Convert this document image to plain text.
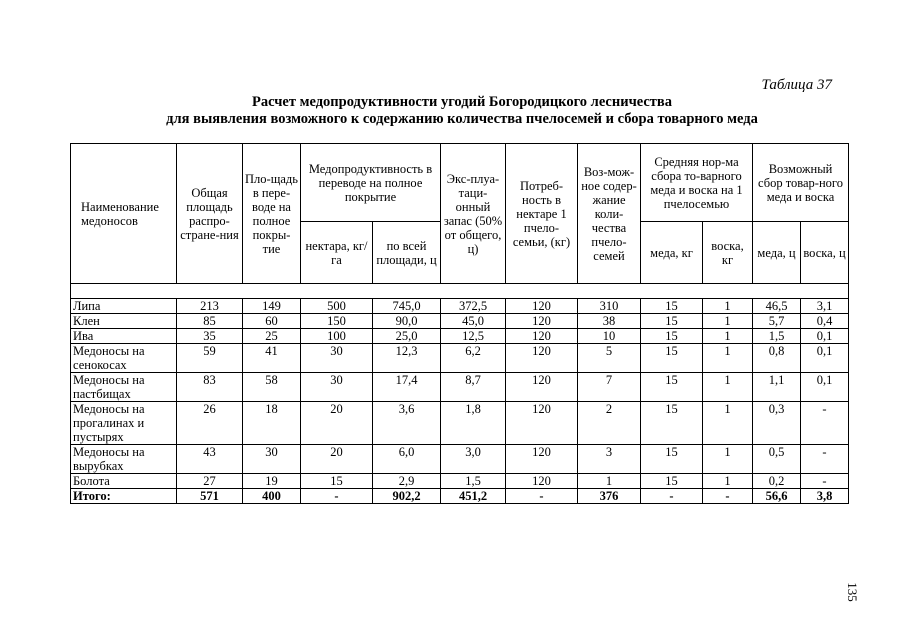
Таблица 37
Расчет медопродуктивности угодий Богородицкого лесничества
для выявления возможного к содержанию количества пчелосемей и сбора товарного меда
Наименование медоносов	Общая площадь распро-стране-ния	Пло-щадь в пере-воде на полное покры-тие	Медопродуктивность в переводе на полное покрытие		Экс-плуа-таци-онный запас (50% от общего, ц)	Потреб-ность в нектаре 1 пчело-семьи, (кг)	Воз-мож-ное содер-жание коли-чества пчело-семей	Средняя нор-ма сбора то-варного меда и воска на 1 пчелосемью		Возможный сбор товар-ного меда и воска	
			нектара, кг/га	по всей площади, ц				меда, кг	воска, кг	меда, ц	воска, ц

Липа	213	149	500	745,0	372,5	120	310	15	1	46,5	3,1
Клен	85	60	150	90,0	45,0	120	38	15	1	5,7	0,4
Ива	35	25	100	25,0	12,5	120	10	15	1	1,5	0,1
Медоносы на сенокосах	59	41	30	12,3	6,2	120	5	15	1	0,8	0,1
Медоносы на пастбищах	83	58	30	17,4	8,7	120	7	15	1	1,1	0,1
Медоносы на прогалинах и пустырях	26	18	20	3,6	1,8	120	2	15	1	0,3	-
Медоносы на вырубках	43	30	20	6,0	3,0	120	3	15	1	0,5	-
Болота	27	19	15	2,9	1,5	120	1	15	1	0,2	-
Итого:	571	400	-	902,2	451,2	-	376	-	-	56,6	3,8
135
